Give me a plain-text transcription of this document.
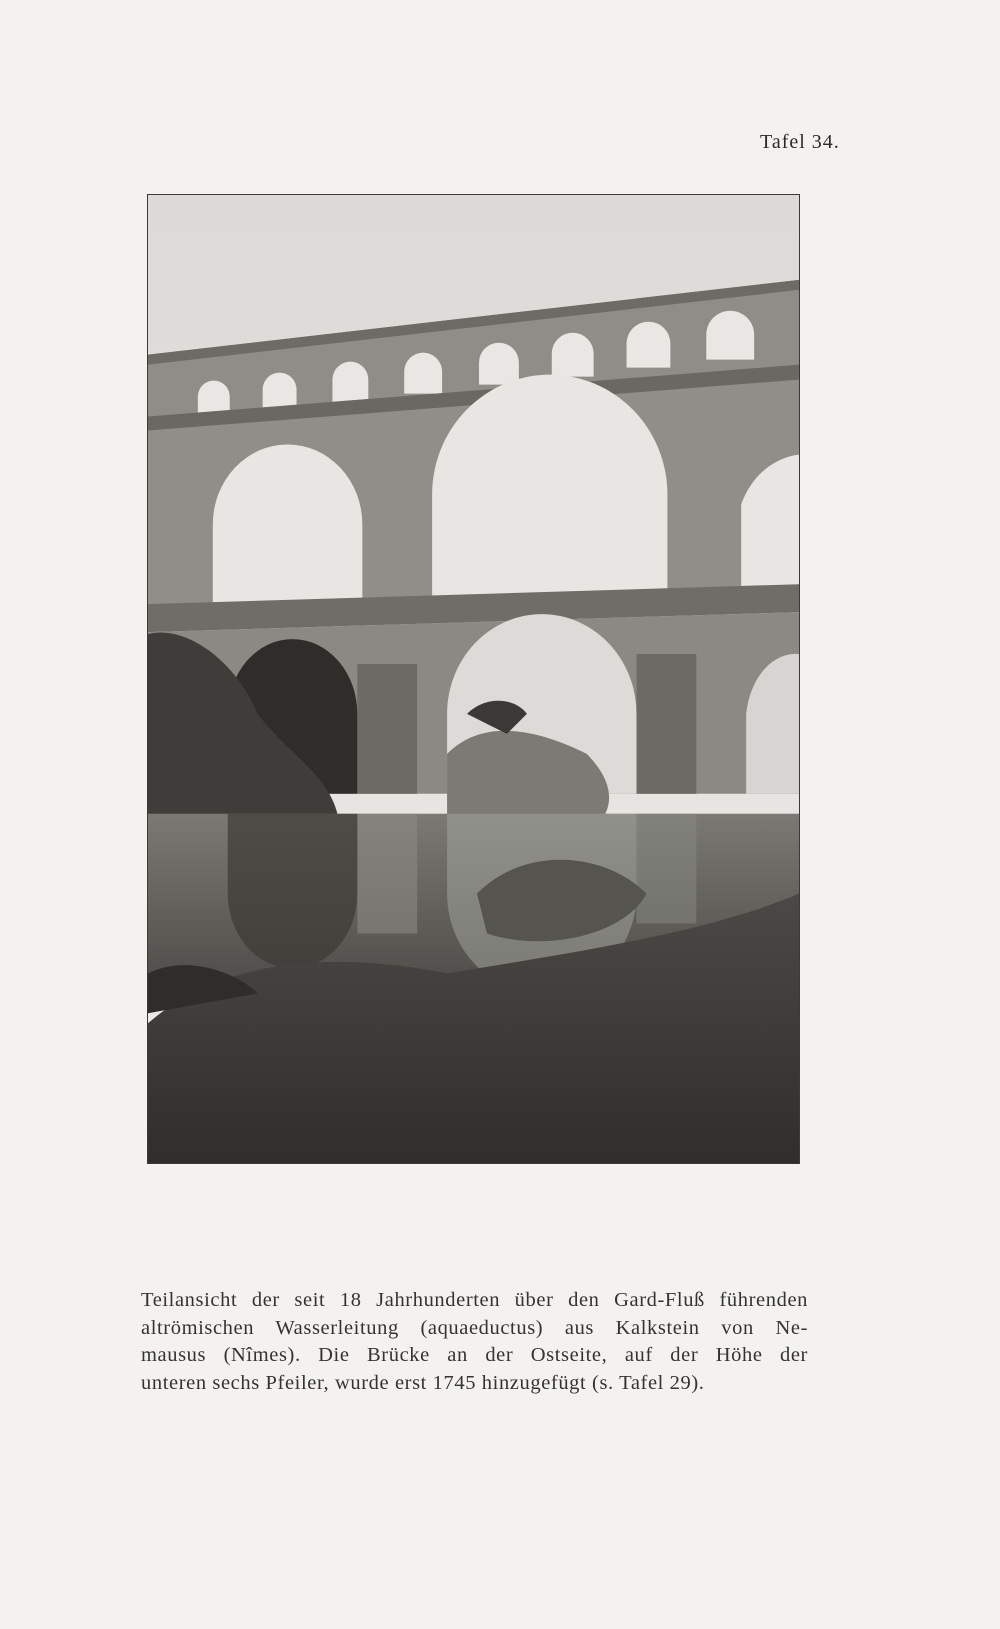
Tafel 34.
Teilansicht der seit 18 Jahrhunderten über den Gard-Fluß führenden
altrömischen Wasserleitung (aquaeductus) aus Kalkstein von Ne-
mausus (Nîmes). Die Brücke an der Ostseite, auf der Höhe der
unteren sechs Pfeiler, wurde erst 1745 hinzugefügt (s. Tafel 29).
